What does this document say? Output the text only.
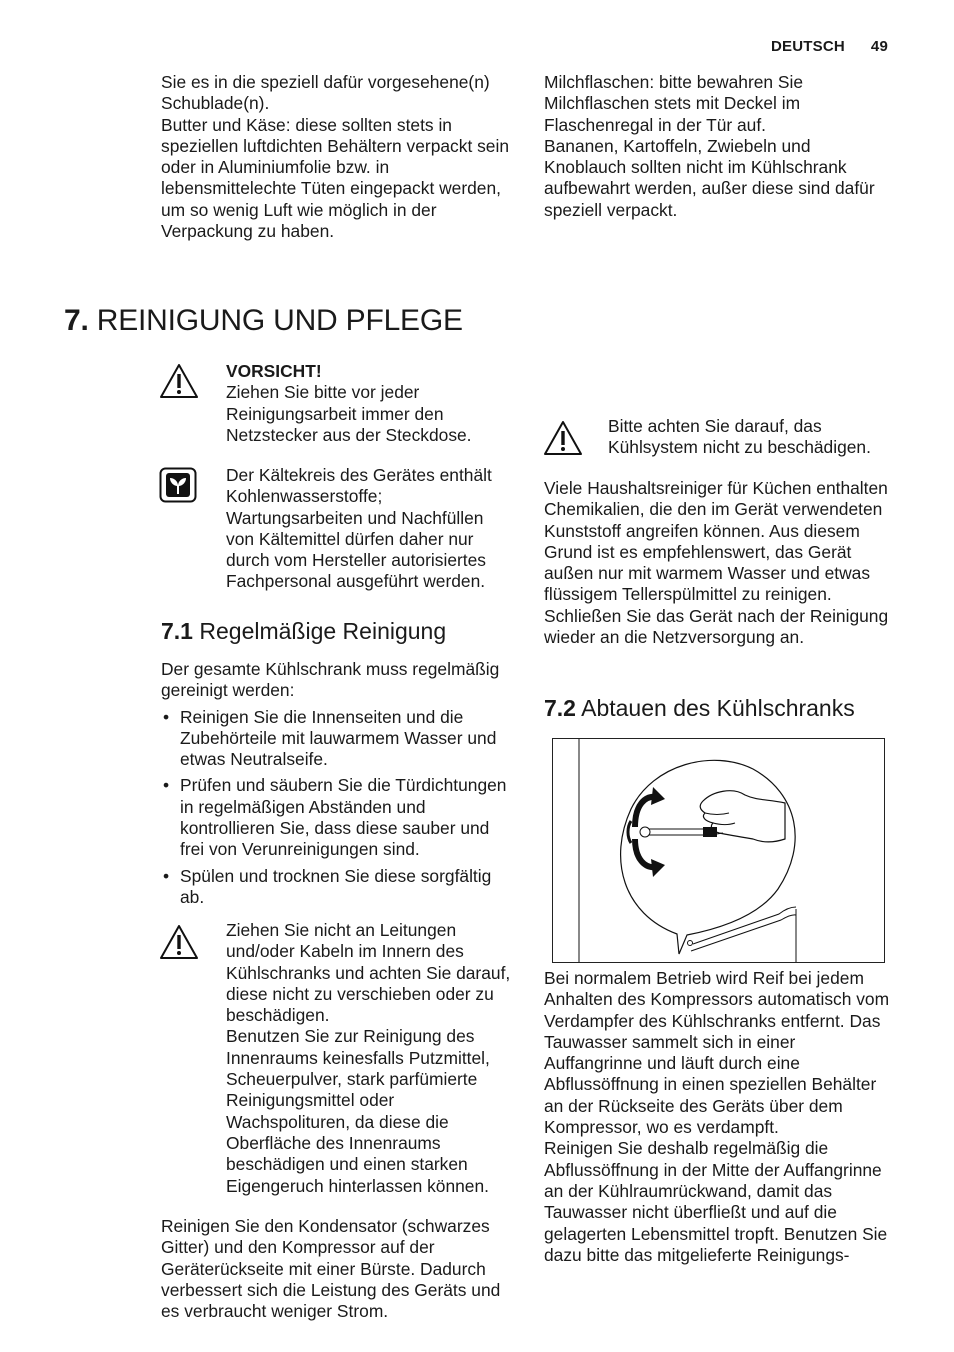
DEUTSCH 49

Sie es in die speziell dafür vorgesehene(n) Schublade(n).

Butter und Käse: diese sollten stets in speziellen luftdichten Behältern verpackt sein oder in Aluminiumfolie bzw. in lebensmittelechte Tüten eingepackt werden, um so wenig Luft wie möglich in der Verpackung zu haben.

Milchflaschen: bitte bewahren Sie Milchflaschen stets mit Deckel im Flaschenregal in der Tür auf.

Bananen, Kartoffeln, Zwiebeln und Knoblauch sollten nicht im Kühlschrank aufbewahrt werden, außer diese sind dafür speziell verpackt.

7. REINIGUNG UND PFLEGE

VORSICHT!

Ziehen Sie bitte vor jeder Reinigungsarbeit immer den Netzstecker aus der Steckdose.

Der Kältekreis des Gerätes enthält Kohlenwasserstoffe; Wartungsarbeiten und Nachfüllen von Kältemittel dürfen daher nur durch vom Hersteller autorisiertes Fachpersonal ausgeführt werden.

7.1 Regelmäßige Reinigung

Der gesamte Kühlschrank muss regelmäßig gereinigt werden:

• Reinigen Sie die Innenseiten und die Zubehörteile mit lauwarmem Wasser und etwas Neutralseife.
• Prüfen und säubern Sie die Türdichtungen in regelmäßigen Abständen und kontrollieren Sie, dass diese sauber und frei von Verunreinigungen sind.
• Spülen und trocknen Sie diese sorgfältig ab.

Ziehen Sie nicht an Leitungen und/oder Kabeln im Innern des Kühlschranks und achten Sie darauf, diese nicht zu verschieben oder zu beschädigen.

Benutzen Sie zur Reinigung des Innenraums keinesfalls Putzmittel, Scheuerpulver, stark parfümierte Reinigungsmittel oder Wachspolituren, da diese die Oberfläche des Innenraums beschädigen und einen starken Eigengeruch hinterlassen können.

Reinigen Sie den Kondensator (schwarzes Gitter) und den Kompressor auf der Geräterückseite mit einer Bürste. Dadurch verbessert sich die Leistung des Geräts und es verbraucht weniger Strom.

Bitte achten Sie darauf, das Kühlsystem nicht zu beschädigen.

Viele Haushaltsreiniger für Küchen enthalten Chemikalien, die den im Gerät verwendeten Kunststoff angreifen können. Aus diesem Grund ist es empfehlenswert, das Gerät außen nur mit warmem Wasser und etwas flüssigem Tellerspülmittel zu reinigen.

Schließen Sie das Gerät nach der Reinigung wieder an die Netzversorgung an.

7.2 Abtauen des Kühlschranks

Bei normalem Betrieb wird Reif bei jedem Anhalten des Kompressors automatisch vom Verdampfer des Kühlschranks entfernt. Das Tauwasser sammelt sich in einer Auffangrinne und läuft durch eine Abflussöffnung in einen speziellen Behälter an der Rückseite des Geräts über dem Kompressor, wo es verdampft.

Reinigen Sie deshalb regelmäßig die Abflussöffnung in der Mitte der Auffangrinne an der Kühlraumrückwand, damit das Tauwasser nicht überfließt und auf die gelagerten Lebensmittel tropft. Benutzen Sie dazu bitte das mitgelieferte Reinigungs-
